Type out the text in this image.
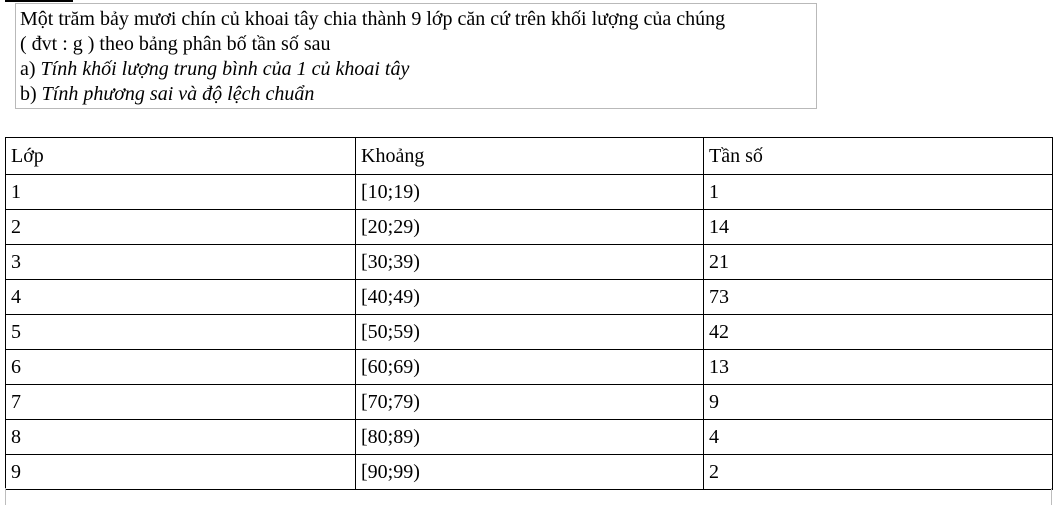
Một trăm bảy mươi chín củ khoai tây chia thành 9 lớp căn cứ trên khối lượng của chúng
( đvt : g ) theo bảng phân bố tần số sau
a) Tính khối lượng trung bình của 1 củ khoai tây
b) Tính phương sai và độ lệch chuẩn
Lớp	Khoảng	Tần số
1	[10;19)	1
2	[20;29)	14
3	[30;39)	21
4	[40;49)	73
5	[50;59)	42
6	[60;69)	13
7	[70;79)	9
8	[80;89)	4
9	[90;99)	2
